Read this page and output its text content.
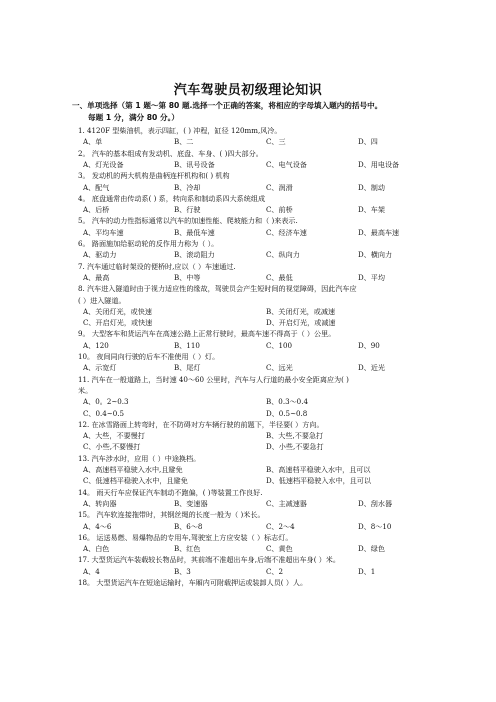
汽车驾驶员初级理论知识
一、单项选择（第 1 题～第 80 题.选择一个正确的答案，将相应的字母填入题内的括号中。
每题 1 分，满分 80 分。）
1. 4120F 型柴油机，表示四缸，( ) 冲程，缸径 120mm,风冷。
A、单	B、二	C、三	D、四
2。 汽车的基本组成有发动机、底盘、车身、( )四大部分。
A、灯光设备	B、讯号设备	C、电气设备	D、用电设备
3。 发动机的两大机构是曲柄连杆机构和( ) 机构
A、配气	B、冷却	C、润滑	D、制动
4。 底盘通常由传动系( ) 系，转向系和制动系四大系统组成
A、后桥	B、行驶	C、前桥	D、车架
5。 汽车的动力性指标通常以汽车的加速性能、爬坡能力和（ )来表示.
A、平均车速	B、最低车速	C、经济车速	D、最高车速
6。 路面施加给驱动轮的反作用力称为（ ）。
A、驱动力	B、滚动阻力	C、纵向力	D、横向力
7. 汽车通过临时架设的便桥时,应以（ ）车速通过.
A、最高	B、中等	C、最低	D、平均
8. 汽车进入隧道时由于视力适应性的缘故，驾驶员会产生短时间的视觉障碍，因此汽车应
( ）进入隧道。
A、关闭灯光，或快速	B、关闭灯光，或减速
C、开启灯光，或快速	D、开启灯光，或减速
9。 大型客车和货运汽车在高速公路上正常行驶时，最高车速不得高于（ ）公里。
A、120	B、110	C、100	D、90
10。 夜间同向行驶的后车不准使用（ ）灯。
A、示宽灯	B、尾灯	C、远光	D、近光
11. 汽车在一般道路上，当时速 40～60 公里时，汽车与人行道的最小安全距离应为( )
米。
A、0。2~0.3	B、0.3～0.4
C、0.4~0.5	D、0.5~0.8
12. 在冰雪路面上转弯时，在不防碍对方车辆行驶的前题下，半径要( ）方向。
A、大些，不要慢打	B、大些,不要急打
C、小些,不要慢打	D、小些,不要急打
13. 汽车涉水时，应用（ ）中途换档。
A、高速档平稳驶入水中,且避免	B、高速档平稳驶入水中，且可以
C、低速档平稳驶入水中，且避免	D、低速档平稳驶入水中，且可以
14。 雨天行车应保证汽车制动不跑偏，( )等装置工作良好.
A、转向器	B、变速器	C、主减速器	D、刮水器
15。 汽车软连接拖带时，其钢丝绳的长度一般为（ )米长。
A、4～6	B、6～8	C、2～4	D、8～10
16。 运送易燃、易爆物品的专用车,驾驶室上方应安装（ ）标志灯。
A、白色	B、红色	C、黄色	D、绿色
17. 大型货运汽车装载较长物品时，其前端不准超出车身,后端不准超出车身( ）米。
A、4	B、3	C、2	D、1
18。 大型货运汽车在短途运输时，车厢内可附载押运或装卸人员( ）人。
